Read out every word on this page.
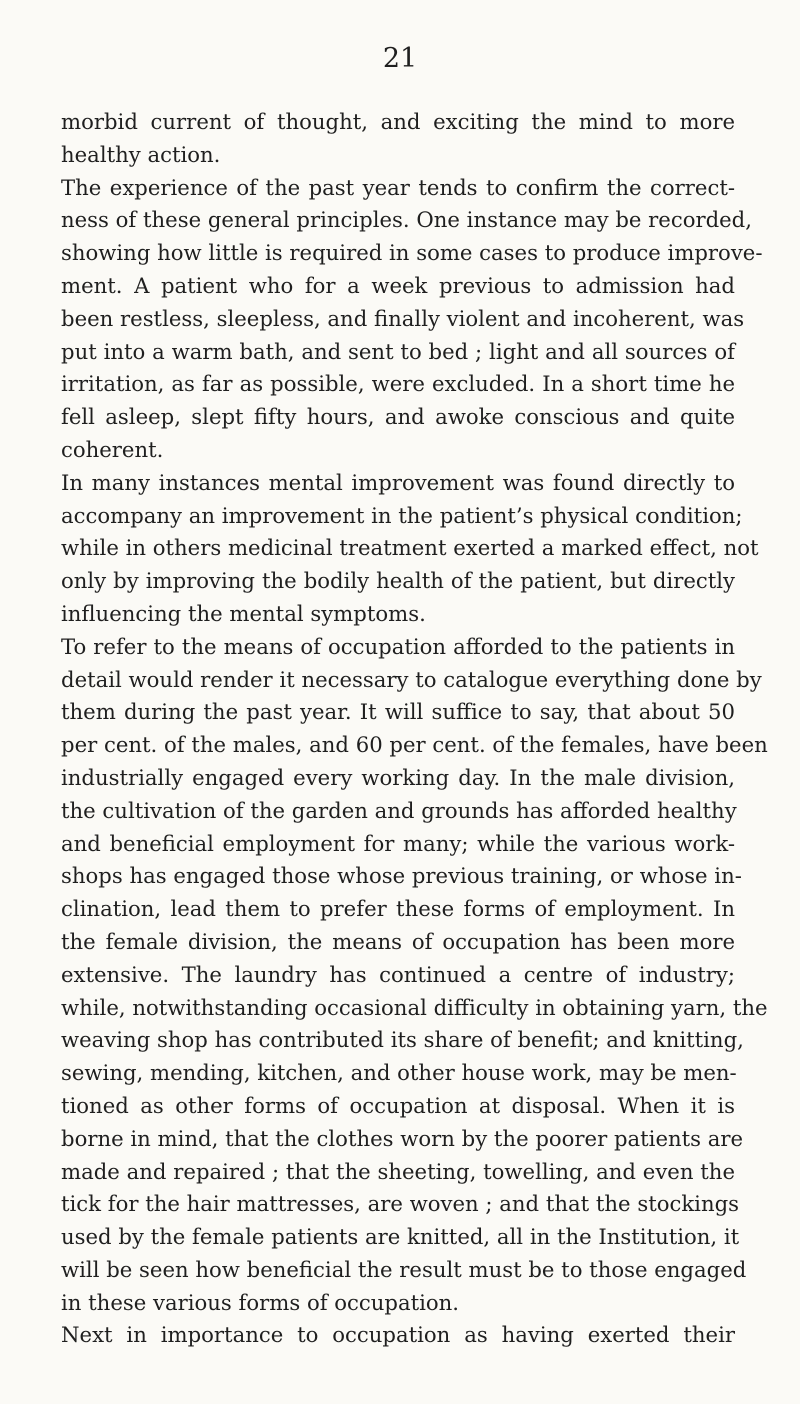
21
morbid current of thought, and exciting the mind to more
healthy action.
The experience of the past year tends to confirm the correct-
ness of these general principles. One instance may be recorded,
showing how little is required in some cases to produce improve-
ment. A patient who for a week previous to admission had
been restless, sleepless, and finally violent and incoherent, was
put into a warm bath, and sent to bed ; light and all sources of
irritation, as far as possible, were excluded. In a short time he
fell asleep, slept fifty hours, and awoke conscious and quite
coherent.
In many instances mental improvement was found directly to
accompany an improvement in the patient’s physical condition;
while in others medicinal treatment exerted a marked effect, not
only by improving the bodily health of the patient, but directly
influencing the mental symptoms.
To refer to the means of occupation afforded to the patients in
detail would render it necessary to catalogue everything done by
them during the past year. It will suffice to say, that about 50
per cent. of the males, and 60 per cent. of the females, have been
industrially engaged every working day. In the male division,
the cultivation of the garden and grounds has afforded healthy
and beneficial employment for many; while the various work-
shops has engaged those whose previous training, or whose in-
clination, lead them to prefer these forms of employment. In
the female division, the means of occupation has been more
extensive. The laundry has continued a centre of industry;
while, notwithstanding occasional difficulty in obtaining yarn, the
weaving shop has contributed its share of benefit; and knitting,
sewing, mending, kitchen, and other house work, may be men-
tioned as other forms of occupation at disposal. When it is
borne in mind, that the clothes worn by the poorer patients are
made and repaired ; that the sheeting, towelling, and even the
tick for the hair mattresses, are woven ; and that the stockings
used by the female patients are knitted, all in the Institution, it
will be seen how beneficial the result must be to those engaged
in these various forms of occupation.
Next in importance to occupation as having exerted their
